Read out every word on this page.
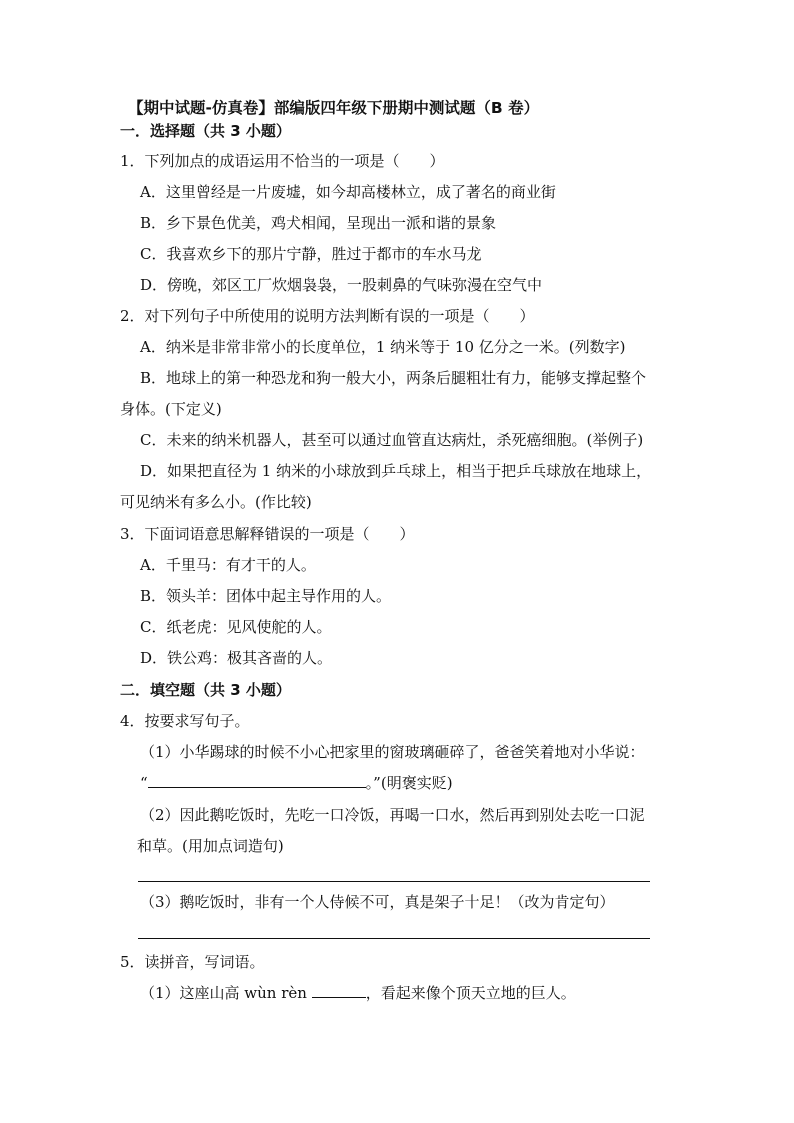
【期中试题-仿真卷】部编版四年级下册期中测试题（B 卷）
一．选择题（共 3 小题）
1．下列加点的成语运用不恰当的一项是（　　）
A．这里曾经是一片废墟，如今却高楼林立，成了著名的商业街
B．乡下景色优美，鸡犬相闻，呈现出一派和谐的景象
C．我喜欢乡下的那片宁静，胜过于都市的车水马龙
D．傍晚，郊区工厂炊烟袅袅，一股刺鼻的气味弥漫在空气中
2．对下列句子中所使用的说明方法判断有误的一项是（　　）
A．纳米是非常非常小的长度单位，1 纳米等于 10 亿分之一米。(列数字)
B．地球上的第一种恐龙和狗一般大小，两条后腿粗壮有力，能够支撑起整个
身体。(下定义)
C．未来的纳米机器人，甚至可以通过血管直达病灶，杀死癌细胞。(举例子)
D．如果把直径为 1 纳米的小球放到乒乓球上，相当于把乒乓球放在地球上，
可见纳米有多么小。(作比较)
3．下面词语意思解释错误的一项是（　　）
A．千里马：有才干的人。
B．领头羊：团体中起主导作用的人。
C．纸老虎：见风使舵的人。
D．铁公鸡：极其吝啬的人。
二．填空题（共 3 小题）
4．按要求写句子。
（1）小华踢球的时候不小心把家里的窗玻璃砸碎了，爸爸笑着地对小华说：
“	。”(明褒实贬)
（2）因此鹅吃饭时，先吃一口冷饭，再喝一口水，然后再到别处去吃一口泥
和草。(用加点词造句)
（3）鹅吃饭时，非有一个人侍候不可，真是架子十足！（改为肯定句）
5．读拼音，写词语。
（1）这座山高 wùn rèn	，看起来像个顶天立地的巨人。
